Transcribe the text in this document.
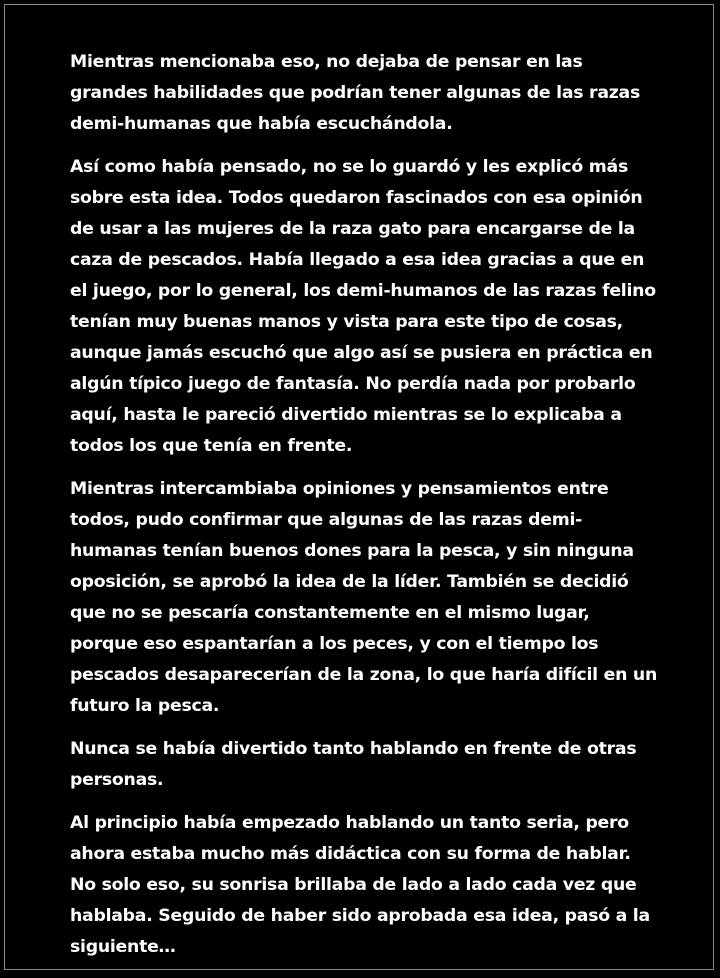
Mientras mencionaba eso, no dejaba de pensar en las grandes habilidades que podrían tener algunas de las razas demi-humanas que había escuchándola.

Así como había pensado, no se lo guardó y les explicó más sobre esta idea. Todos quedaron fascinados con esa opinión de usar a las mujeres de la raza gato para encargarse de la caza de pescados. Había llegado a esa idea gracias a que en el juego, por lo general, los demi-humanos de las razas felino tenían muy buenas manos y vista para este tipo de cosas, aunque jamás escuchó que algo así se pusiera en práctica en algún típico juego de fantasía. No perdía nada por probarlo aquí, hasta le pareció divertido mientras se lo explicaba a todos los que tenía en frente.

Mientras intercambiaba opiniones y pensamientos entre todos, pudo confirmar que algunas de las razas demi-humanas tenían buenos dones para la pesca, y sin ninguna oposición, se aprobó la idea de la líder. También se decidió que no se pescaría constantemente en el mismo lugar, porque eso espantarían a los peces, y con el tiempo los pescados desaparecerían de la zona, lo que haría difícil en un futuro la pesca.

Nunca se había divertido tanto hablando en frente de otras personas.

Al principio había empezado hablando un tanto seria, pero ahora estaba mucho más didáctica con su forma de hablar. No solo eso, su sonrisa brillaba de lado a lado cada vez que hablaba. Seguido de haber sido aprobada esa idea, pasó a la siguiente…
